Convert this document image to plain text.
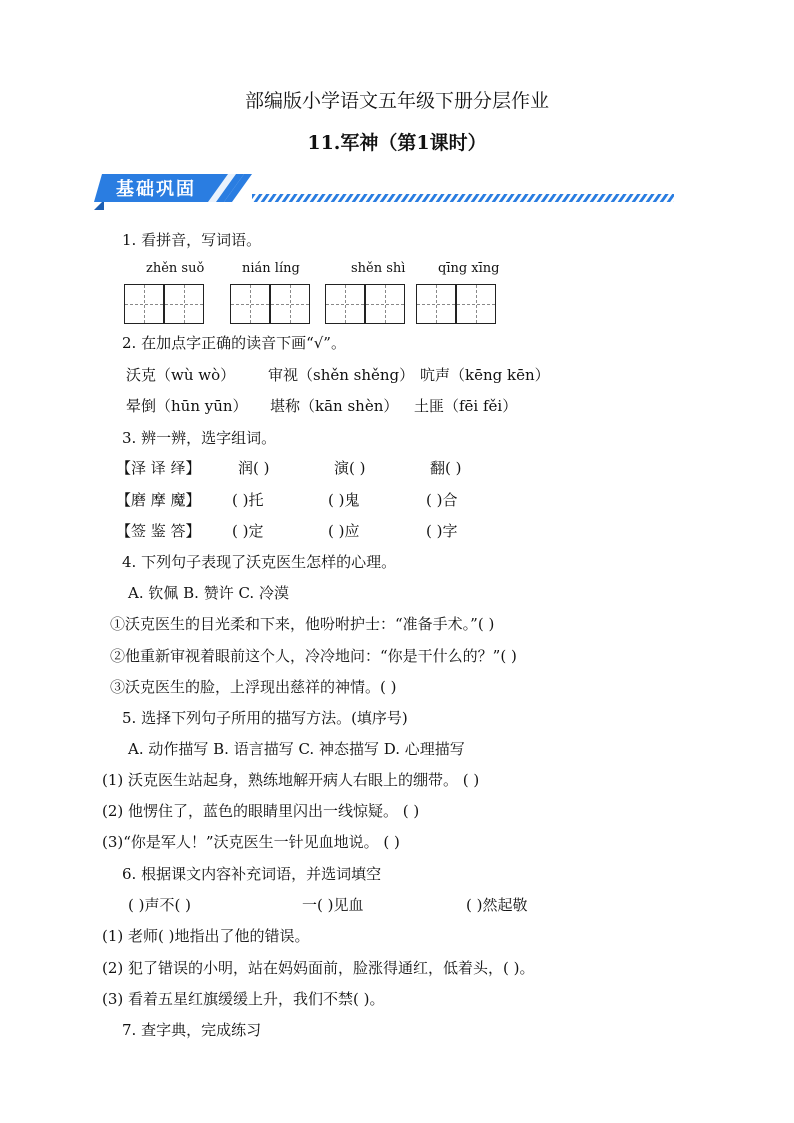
部编版小学语文五年级下册分层作业
11.军神（第1课时）
基础巩固
1. 看拼音，写词语。
zhěn suǒ	nián líng	shěn shì	qīng xīng
2. 在加点字正确的读音下画“√”。
沃克（wù wò） 审视（shěn shěng） 吭声（kēng kēn）
晕倒（hūn yūn） 堪称（kān shèn） 土匪（fēi fěi）
3. 辨一辨，选字组词。
【泽 译 绎】 润( )	演( )	翻( )
【磨 摩 魔】 ( )托	( )鬼	( )合
【签 鉴 答】 ( )定	( )应	( )字
4. 下列句子表现了沃克医生怎样的心理。
A. 钦佩 B. 赞许 C. 冷漠
①沃克医生的目光柔和下来，他吩咐护士：“准备手术。”( )
②他重新审视着眼前这个人，冷冷地问：“你是干什么的？”( )
③沃克医生的脸，上浮现出慈祥的神情。( )
5. 选择下列句子所用的描写方法。(填序号)
A. 动作描写 B. 语言描写 C. 神态描写 D. 心理描写
(1) 沃克医生站起身，熟练地解开病人右眼上的绷带。 ( )
(2) 他愣住了，蓝色的眼睛里闪出一线惊疑。 ( )
(3)“你是军人！”沃克医生一针见血地说。 ( )
6. 根据课文内容补充词语，并选词填空
( )声不( )	一( )见血	( )然起敬
(1) 老师( )地指出了他的错误。
(2) 犯了错误的小明，站在妈妈面前，脸涨得通红，低着头，( )。
(3) 看着五星红旗缓缓上升，我们不禁( )。
7. 查字典，完成练习
